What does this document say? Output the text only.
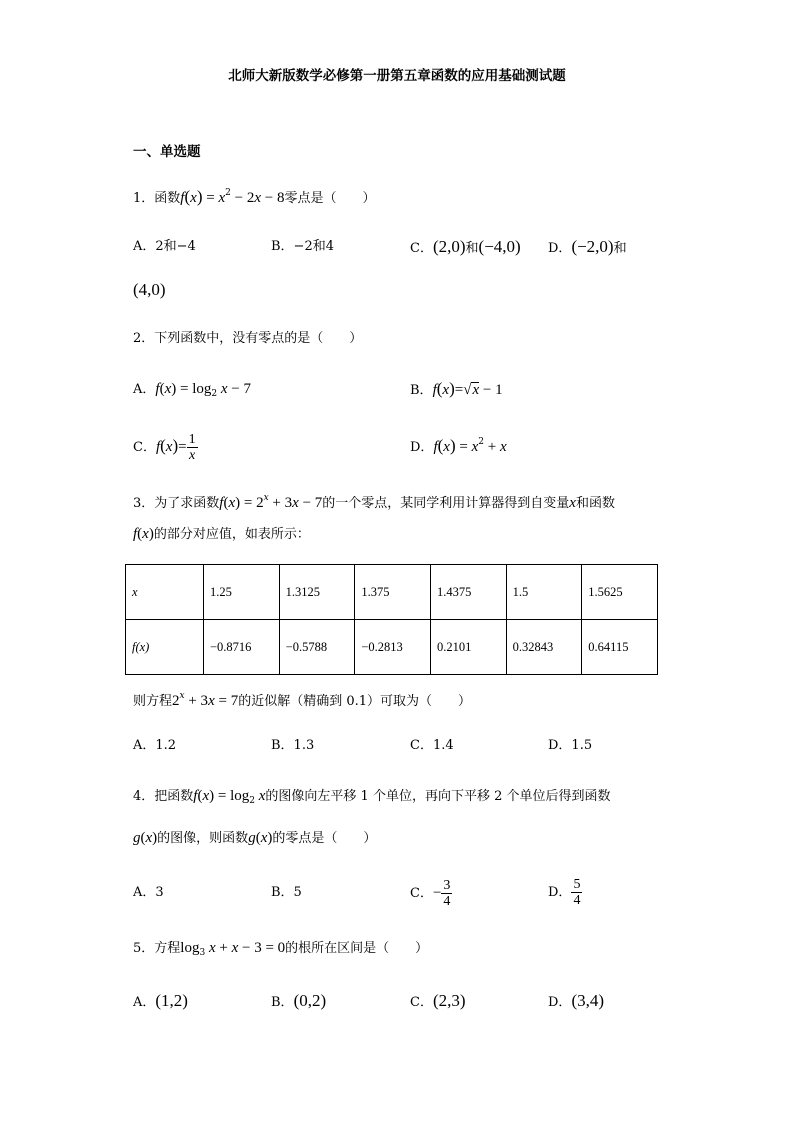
北师大新版数学必修第一册第五章函数的应用基础测试题
一、单选题
1．函数$f(x) = x^2 - 2x - 8$零点是（　　）
A．2和−4	B．−2和4	C．(2,0)和(−4,0) D．(−2,0)和
(4,0)
2．下列函数中，没有零点的是（　　）
A．$f(x) = \log_2 x - 7$	B．f(x)=√x − 1
C．$f(x)= \frac{1}{x}$	D．$f(x) = x^2 + x$
3．为了求函数$f(x) = 2^x + 3x - 7$的一个零点，某同学利用计算器得到自变量x和函数
f(x)的部分对应值，如表所示：
x	1.25	1.3125	1.375	1.4375	1.5	1.5625
f(x)	−0.8716	−0.5788	−0.2813	0.2101	0.32843	0.64115
则方程$2^x + 3x = 7$的近似解（精确到 0.1）可取为（　　）
A．1.2	B．1.3	C．1.4	D．1.5
4．把函数$f(x) = \log_2 x$的图像向左平移 1 个单位，再向下平移 2 个单位后得到函数
g(x)的图像，则函数g(x)的零点是（　　）
A．3	B．5	C．− $\frac{3}{4}$	D． $\frac{5}{4}$
5．方程$\log_3 x + x - 3 = 0$的根所在区间是（　　）
A．(1,2)	B．(0,2)	C．(2,3)	D．(3,4)
